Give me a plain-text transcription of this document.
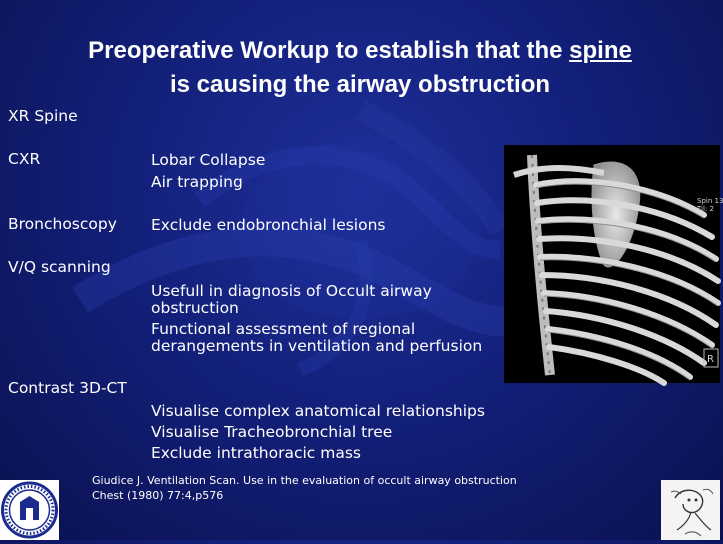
Preoperative Workup to establish that the spine
is causing the airway obstruction
XR Spine
CXR	Lobar Collapse
Air trapping
Bronchoscopy Exclude endobronchial lesions
V/Q scanning
Usefull in diagnosis of Occult airway
obstruction
Functional assessment of regional
derangements in ventilation and perfusion
Contrast 3D-CT
Visualise complex anatomical relationships
Visualise Tracheobronchial tree
Exclude intrathoracic mass
R
Spin 13
Til: 2
Giudice J. Ventilation Scan. Use in the evaluation of occult airway obstruction
Chest (1980) 77:4,p576
